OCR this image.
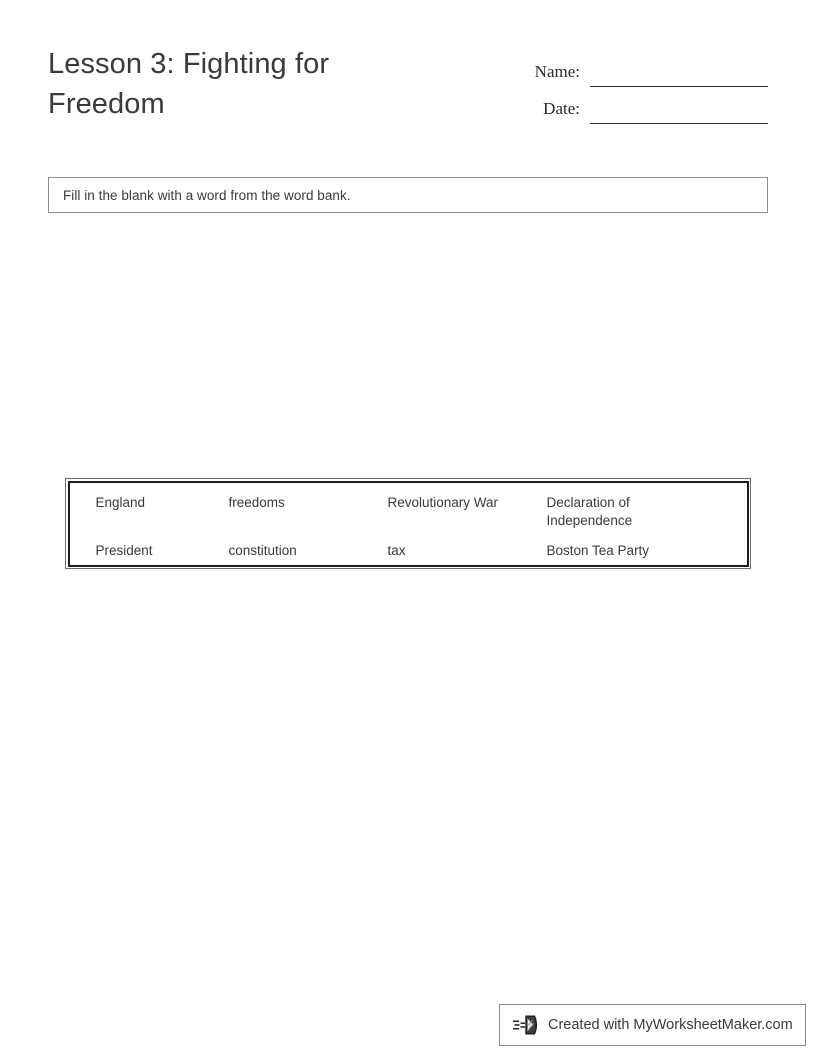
Lesson 3: Fighting for Freedom
Name:
Date:
Fill in the blank with a word from the word bank.
England	freedoms	Revolutionary War	Declaration of Independence
President	constitution	tax	Boston Tea Party
Created with MyWorksheetMaker.com
